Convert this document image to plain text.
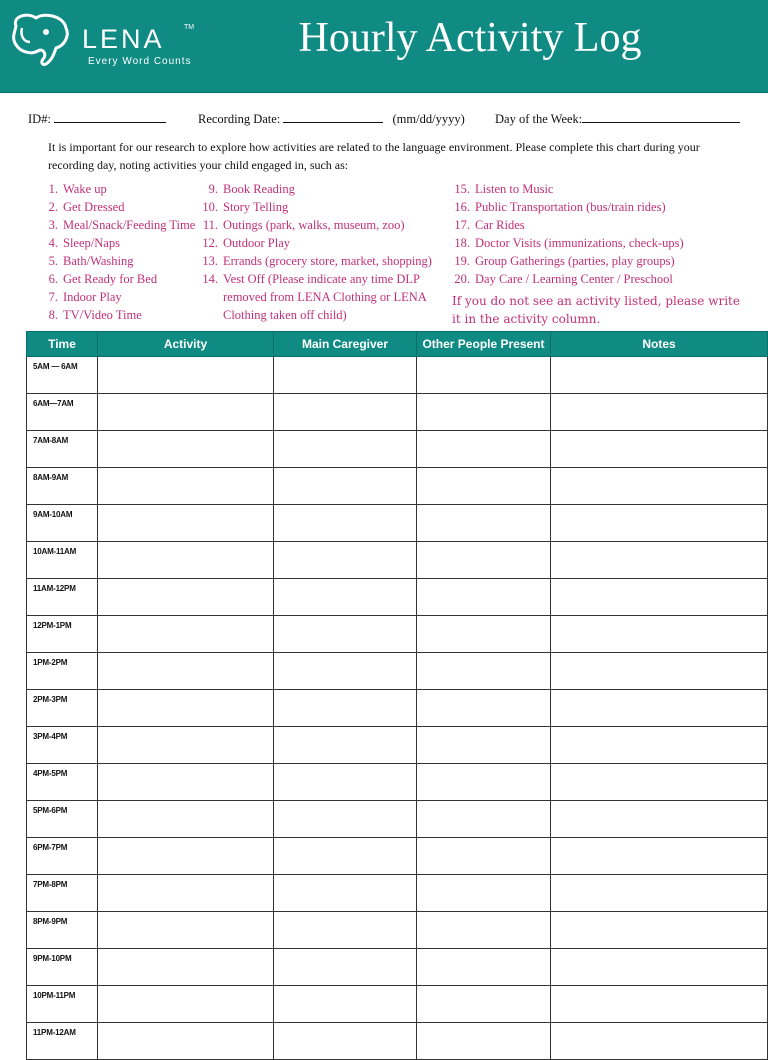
LENA	TM
Every Word Counts
Hourly Activity Log
ID#:	Recording Date:	(mm/dd/yyyy) Day of the Week:
It is important for our research to explore how activities are related to the language environment. Please complete this chart during your recording day, noting activities your child engaged in, such as:
1. Wake up
2. Get Dressed
3. Meal/Snack/Feeding Time
4. Sleep/Naps
5. Bath/Washing
6. Get Ready for Bed
7. Indoor Play
8. TV/Video Time
9. Book Reading
10. Story Telling
11. Outings (park, walks, museum, zoo)
12. Outdoor Play
13. Errands (grocery store, market, shopping)
14. Vest Off (Please indicate any time DLP
removed from LENA Clothing or LENA
Clothing taken off child)
15. Listen to Music
16. Public Transportation (bus/train rides)
17. Car Rides
18. Doctor Visits (immunizations, check-ups)
19. Group Gatherings (parties, play groups)
20. Day Care / Learning Center / Preschool
If you do not see an activity listed, please write it in the activity column.
Time	Activity	Main Caregiver	Other People Present	Notes
5AM — 6AM				
6AM—7AM				
7AM-8AM				
8AM-9AM				
9AM-10AM				
10AM-11AM				
11AM-12PM				
12PM-1PM				
1PM-2PM				
2PM-3PM				
3PM-4PM				
4PM-5PM				
5PM-6PM				
6PM-7PM				
7PM-8PM				
8PM-9PM				
9PM-10PM				
10PM-11PM				
11PM-12AM				
